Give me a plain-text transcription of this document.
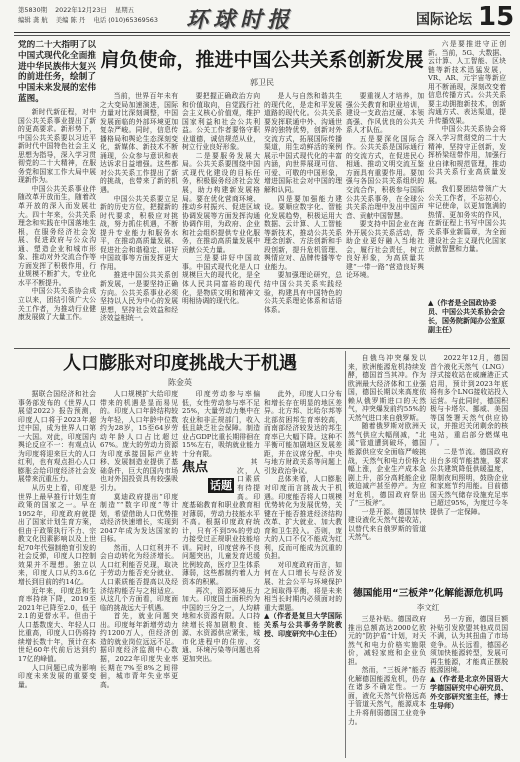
第5830期 2022年12月23日 星期五
编辑 龚 航 美编 陈 丹 电话 (010)65369563 环球时报	国际论坛 15
党的二十大指明了以中国式现代化全面推进中华民族伟大复兴的前进任务，绘制了中国未来发展的宏伟蓝图。
肩负使命，推进中国公共关系创新发展
郭卫民

新时代新征程，对中国公共关系事业提出了新的更高要求。新形势下，中国公共关系要以习近平新时代中国特色社会主义思想为指导，深入学习贯彻党的二十大精神，在服务党和国家工作大局中展现新作为。

中国公共关系事业伴随改革开放而生，随着改革开放的深入而发展壮大。四十年来，公共关系理念和实践在中国落地生根，在服务经济社会发展、促进政府与公众沟通、塑造企业和城市形象、推动对外交流合作等方面发挥了积极作用，行业规模不断扩大，专业化水平不断提升。

中国公共关系协会成立以来，团结引领广大公关工作者，为推动行业健康发展做了大量工作。

当前，世界百年未有之大变局加速演进，国际力量对比深刻调整，中国发展面临的外部环境更加复杂严峻。同时，信息传播格局和舆论生态深刻变化，新媒体、新技术不断涌现，公众参与意识和表达诉求日益增强。这些都对公共关系工作提出了新的挑战，也带来了新的机遇。

中国公共关系要立足新的历史方位，把握新的时代要求，积极应对挑战，努力抓住机遇，不断提升专业能力和服务水平，在推动高质量发展、促进社会和谐稳定、讲好中国故事等方面发挥更大作用。

推进中国公共关系创新发展，一是要坚持正确方向。公共关系事业必须坚持以人民为中心的发展思想，坚持社会效益和经济效益相统一。

要把握正确政治方向和价值取向，自觉践行社会主义核心价值观，维护国家利益和社会公共利益。公关工作者要恪守职业道德，诚信规范从业，树立行业良好形象。

二是要服务发展大局。公共关系要围绕中国式现代化建设的目标任务，积极服务经济社会发展，助力构建新发展格局。要在优化营商环境、推动乡村振兴、促进区域协调发展等方面发挥沟通协调作用，为政府、企业和社会组织提供专业化服务，在推动高质量发展中贡献公关力量。

三是要讲好中国故事。中国式现代化是人口规模巨大的现代化，是全体人民共同富裕的现代化，是物质文明和精神文明相协调的现代化。

是人与自然和谐共生的现代化，是走和平发展道路的现代化。公共关系要发挥联通中外、沟通世界的独特优势，创新对外交流方式，拓展国际传播渠道，用生动鲜活的案例展示中国式现代化的丰富内涵，向世界展现可信、可爱、可敬的中国形象，增进国际社会对中国的理解和认同。

四是要加强能力建设。要顺应数字化、智能化发展趋势，积极运用大数据、云计算、人工智能等新技术，推动公共关系理念创新、方法创新和手段创新，提升危机管理、舆情应对、品牌传播等专业能力。

要加强理论研究，总结中国公共关系实践经验，构建具有中国特色的公共关系理论体系和话语体系。

要重视人才培养，加强公关教育和职业培训，建设一支政治过硬、本领高强、作风优良的公共关系人才队伍。

五是要深化国际合作。公共关系是国际通行的交流方式，在促进民心相通、推动文明交流互鉴方面具有重要作用。要加强与各国公共关系组织的交流合作，积极参与国际公共关系事务，在全球公共关系治理中发出中国声音、贡献中国智慧。

要支持中国企业在海外开展公共关系活动，帮助企业更好融入当地社会，履行社会责任，树立良好形象，为高质量共建“一带一路”营造良好舆论环境。

六是要推进守正创新。当前，5G、大数据、云计算、人工智能、区块链等新技术迅猛发展，VR、AR、元宇宙等新应用不断涌现，深刻改变着信息传播方式。公共关系要主动拥抱新技术，创新沟通方式、表达渠道，提升传播效果。

中国公共关系协会将深入学习贯彻党的二十大精神，坚持守正创新，发挥桥梁纽带作用，加强行业自律和规范管理，推动公共关系行业高质量发展。

我们要团结带领广大公关工作者，不忘初心，牢记使命，以更加饱满的热情、更加务实的作风，在新征程上书写中国公共关系事业新篇章，为全面建设社会主义现代化国家贡献智慧和力量。

▲（作者是全国政协委员、中国公共关系协会会长，国务院新闻办公室原副主任）

人口膨胀对印度挑战大于机遇
陈金英

据联合国经济和社会事务部发布的《世界人口展望2022》报告预测，印度人口将于2023年超过中国，成为世界人口第一大国。对此，印度国内舆论反应不一：有观点认为印度将迎来巨大的人口红利，也有观点担心人口膨胀会给印度经济社会发展带来沉重压力。

从历史上看，印度是世界上最早推行计划生育政策的国家之一。早在1952年，印度政府就提出了国家计划生育方案，但由于政策执行不力、宗教文化因素影响以及上世纪70年代强制绝育引发的社会反弹，印度人口控制效果并不理想。独立以来，印度人口从约3.6亿增长到目前的约14亿。

近年来，印度总和生育率持续下降，2019至2021年已降至2.0，低于2.1的更替水平。但由于人口基数庞大、年轻人口比重高，印度人口仍将持续增长数十年，预计在本世纪60年代前后达到约17亿的峰值。

人口问题已成为影响印度未来发展的重要变量。

人口规模扩大给印度带来的机遇是显而易见的。印度人口年龄结构较为年轻，人口年龄中位数约为28岁，15至64岁劳动年龄人口占比超过67%。庞大的劳动力资源为印度承接国际产业转移、发展制造业提供了基础条件，巨大的国内市场也对外国投资具有较强吸引力。

莫迪政府提出“印度制造”“数字印度”等计划，希望借助人口优势推动经济快速增长，实现到2047年成为发达国家的目标。

然而，人口红利并不会自动转化为经济增长。人口红利能否兑现，取决于劳动力能否充分就业、人口素质能否提高以及经济结构能否与之相适应。从这几个方面看，印度面临的挑战远大于机遇。

首先，就业问题突出。印度每年新增劳动力约1200万人，但经济创造的就业岗位远远不足。据印度经济监测中心数据，2022年印度失业率长期在7%至8%之间徘徊，城市青年失业率更高。

印度劳动参与率偏低，女性劳动参与率不足25%，大量劳动力集中在农业和非正规部门，收入低且缺乏社会保障。制造业占GDP比重长期徘徊在15%左右，吸纳就业能力十分有限。

焦点
话题

其次，人口素质有待提高。印度基础教育和职业教育相对薄弱，劳动力技能水平不高。根据印度政府统计，只有不到5%的劳动力接受过正规职业技能培训。同时，印度营养不良问题突出，儿童发育迟缓比例较高，医疗卫生体系薄弱，这些都制约着人力资本的积累。

再次，资源环境压力加大。印度国土面积约为中国的三分之一，人均耕地和水资源有限。人口持续增长将加剧粮食、能源、水资源供应紧张，城市化进程中的住房、交通、环境污染等问题也将更加突出。

此外，印度人口分布和增长存在明显的地区差异。北方邦、比哈尔邦等北部贫困邦生育率较高，而南部经济较发达的邦生育率已大幅下降。这种不平衡可能加剧地区发展差距，并在议席分配、中央与地方财政关系等问题上引发政治争议。

总体来看，人口膨胀对印度而言挑战大于机遇。印度能否将人口规模优势转化为发展优势，关键在于能否推进经济结构改革、扩大就业、加大教育和卫生投入。否则，庞大的人口不仅不能成为红利，反而可能成为沉重的负担。

对印度政府而言，如何在人口增长与经济发展、社会公平与环境保护之间取得平衡，将是未来相当长时期内必须面对的重大课题。

▲（作者是复旦大学国际关系与公共事务学院教授、印度研究中心主任）

自俄乌冲突爆发以来，欧洲能源危机持续发酵，德国首当其冲。作为欧洲最大经济体和工业强国，德国长期以来高度依赖从俄罗斯进口的天然气，冲突爆发前约55%的天然气进口来自俄罗斯。

随着俄罗斯对欧洲天然气供应大幅削减，“北溪”管道遭到破坏，德国能源供应安全面临严峻挑战，天然气和电力价格大幅上涨，企业生产成本急剧上升，部分高耗能企业被迫减产甚至停产。为应对危机，德国政府祭出了“三板斧”。

一是开源。德国加快建设液化天然气接收站，以替代来自俄罗斯的管道天然气。

2022年12月，德国首个液化天然气（LNG）浮式接收站在威廉港正式启用，预计到2023年底将有多个LNG接收站投入运营。与此同时，德国积极与卡塔尔、挪威、美国等国签署天然气供应协议，并推迟关闭剩余的核电站，重启部分燃煤电厂。

二是节流。德国政府出台多项节能措施，要求公共建筑降低供暖温度，限制夜间照明，鼓励企业和家庭节约用能。目前德国天然气储存设施充足率已超过95%，为度过今冬提供了一定保障。

德国能用“三板斧”化解能源危机吗
李文红

三是补贴。德国政府推出总额高达2000亿欧元的“防护盾”计划，对天然气和电力价格实施限价，减轻家庭和企业负担。

然而，“三板斧”能否化解德国能源危机，仍存在诸多不确定性。一方面，液化天然气价格远高于管道天然气，能源成本上升将削弱德国工业竞争力。

另一方面，德国巨额补贴引发欧盟其他成员国不满，认为其扭曲了市场竞争。从长远看，德国必须加快能源转型，发展可再生能源，才能真正摆脱能源困境。

▲（作者是北京外国语大学德国研究中心研究员、外交部研究室主任，博士生导师）
